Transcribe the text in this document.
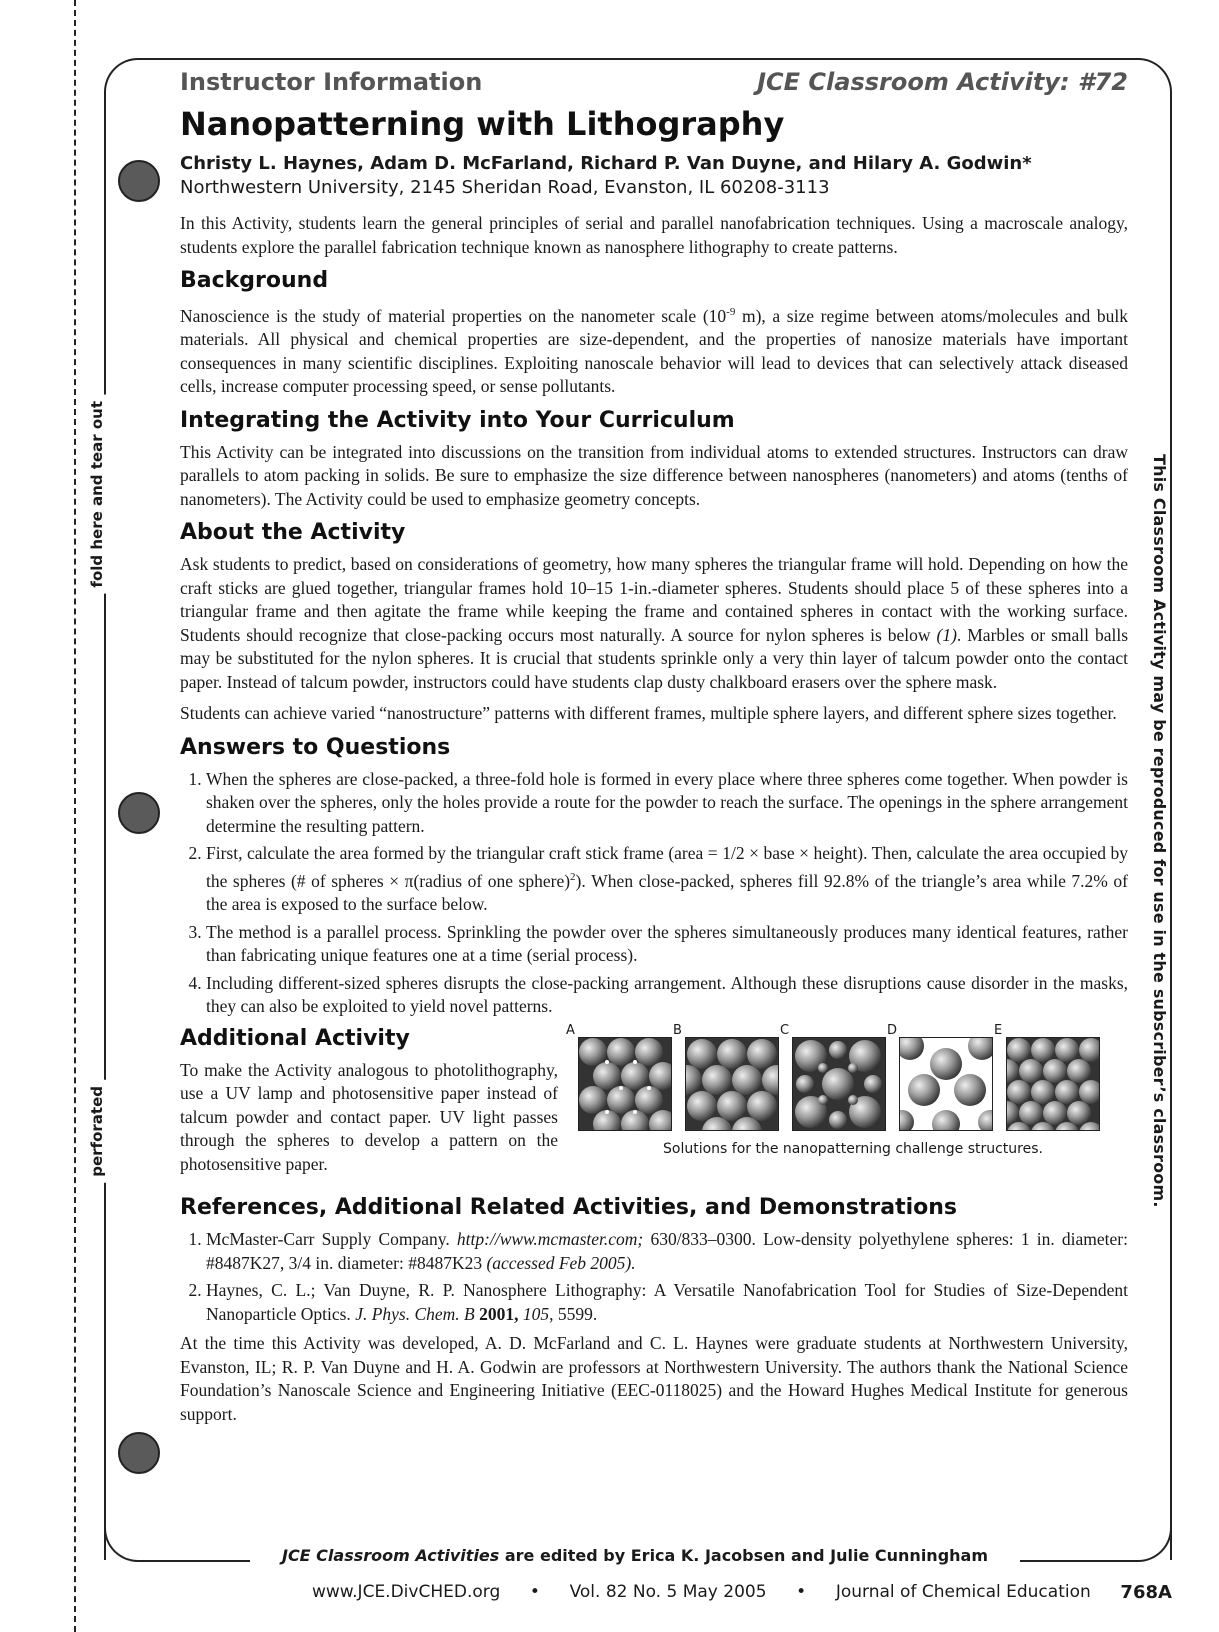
fold here and tear out
perforated	This Classroom Activity may be reproduced for use in the subscriber’s classroom.
Instructor Information	JCE Classroom Activity: #72
Nanopatterning with Lithography
Christy L. Haynes, Adam D. McFarland, Richard P. Van Duyne, and Hilary A. Godwin*
Northwestern University, 2145 Sheridan Road, Evanston, IL 60208-3113

In this Activity, students learn the general principles of serial and parallel nanofabrication techniques. Using a macroscale analogy, students explore the parallel fabrication technique known as nanosphere lithography to create patterns.

Background

Nanoscience is the study of material properties on the nanometer scale ($10^{-9}$ m), a size regime between atoms/molecules and bulk materials. All physical and chemical properties are size-dependent, and the properties of nanosize materials have important consequences in many scientific disciplines. Exploiting nanoscale behavior will lead to devices that can selectively attack diseased cells, increase computer processing speed, or sense pollutants.

Integrating the Activity into Your Curriculum

This Activity can be integrated into discussions on the transition from individual atoms to extended structures. Instructors can draw parallels to atom packing in solids. Be sure to emphasize the size difference between nanospheres (nanometers) and atoms (tenths of nanometers). The Activity could be used to emphasize geometry concepts.

About the Activity

Ask students to predict, based on considerations of geometry, how many spheres the triangular frame will hold. Depending on how the craft sticks are glued together, triangular frames hold 10–15 1-in.-diameter spheres. Students should place 5 of these spheres into a triangular frame and then agitate the frame while keeping the frame and contained spheres in contact with the working surface. Students should recognize that close-packing occurs most naturally. A source for nylon spheres is below (1). Marbles or small balls may be substituted for the nylon spheres. It is crucial that students sprinkle only a very thin layer of talcum powder onto the contact paper. Instead of talcum powder, instructors could have students clap dusty chalkboard erasers over the sphere mask.

Students can achieve varied “nanostructure” patterns with different frames, multiple sphere layers, and different sphere sizes together.

Answers to Questions
1. When the spheres are close-packed, a three-fold hole is formed in every place where three spheres come together. When powder is shaken over the spheres, only the holes provide a route for the powder to reach the surface. The openings in the sphere arrangement determine the resulting pattern.
2. First, calculate the area formed by the triangular craft stick frame (area = 1/2 × base × height). Then, calculate the area occupied by the spheres (# of spheres × π(radius of one sphere)$^2$). When close-packed, spheres fill 92.8% of the triangle’s area while 7.2% of the area is exposed to the surface below.
3. The method is a parallel process. Sprinkling the powder over the spheres simultaneously produces many identical features, rather than fabricating unique features one at a time (serial process).
4. Including different-sized spheres disrupts the close-packing arrangement. Although these disruptions cause disorder in the masks, they can also be exploited to yield novel patterns.
Additional Activity

To make the Activity analogous to photolithography, use a UV lamp and photosensitive paper instead of talcum powder and contact paper. UV light passes through the spheres to develop a pattern on the photosensitive paper.

A	B	C	D	E
Solutions for the nanopatterning challenge structures.
References, Additional Related Activities, and Demonstrations
1. McMaster-Carr Supply Company. http://www.mcmaster.com; 630/833–0300. Low-density polyethylene spheres: 1 in. diameter: #8487K27, 3/4 in. diameter: #8487K23 (accessed Feb 2005).
2. Haynes, C. L.; Van Duyne, R. P. Nanosphere Lithography: A Versatile Nanofabrication Tool for Studies of Size-Dependent Nanoparticle Optics. J. Phys. Chem. B 2001, 105, 5599.

At the time this Activity was developed, A. D. McFarland and C. L. Haynes were graduate students at Northwestern University, Evanston, IL; R. P. Van Duyne and H. A. Godwin are professors at Northwestern University. The authors thank the National Science Foundation’s Nanoscale Science and Engineering Initiative (EEC-0118025) and the Howard Hughes Medical Institute for generous support.

JCE Classroom Activities are edited by Erica K. Jacobsen and Julie Cunningham
www.JCE.DivCHED.org • Vol. 82 No. 5 May 2005 • Journal of Chemical Education 768A
